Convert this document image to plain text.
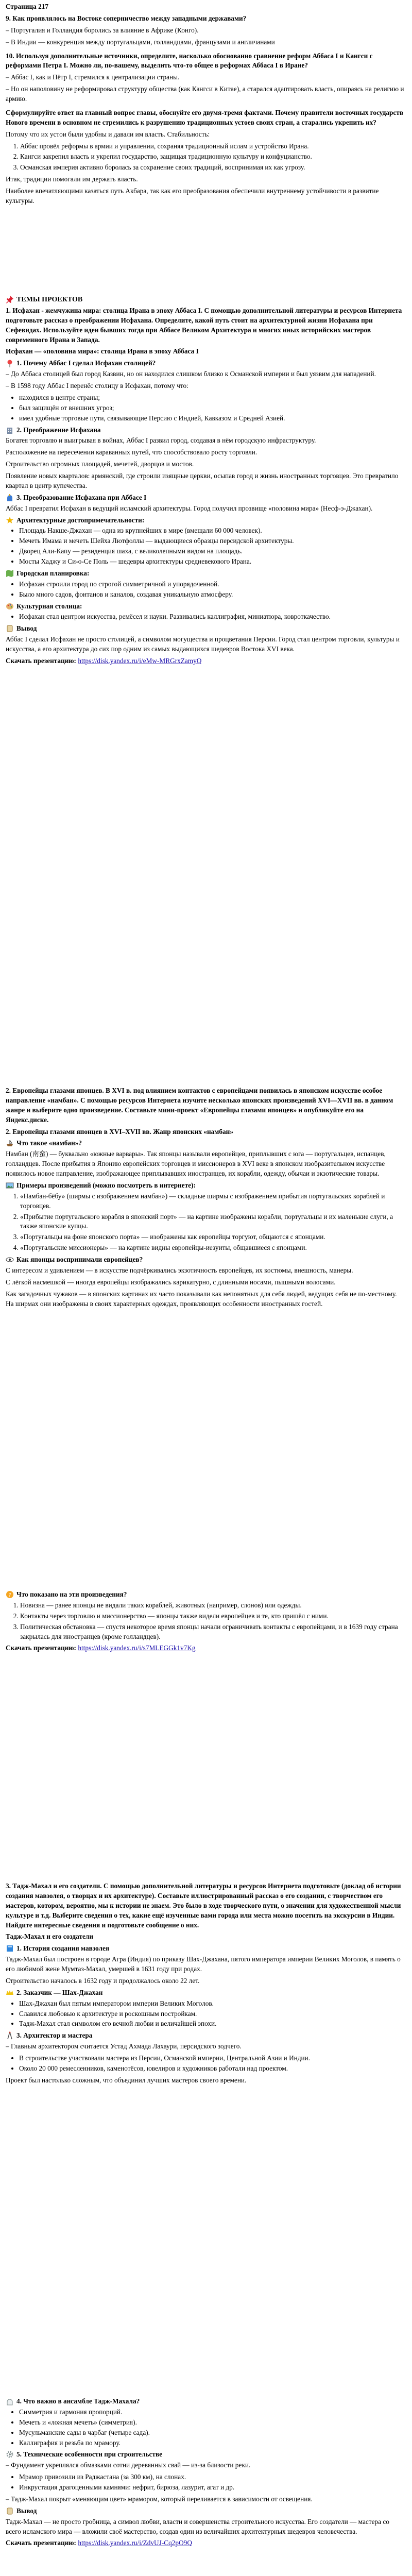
Страница 217

9. Как проявлялось на Востоке соперничество между западными державами?

– Португалия и Голландия боролись за влияние в Африке (Конго).

– В Индии — конкуренция между португальцами, голландцами, французами и англичанами

10. Используя дополнительные источники, определите, насколько обоснованно сравнение реформ Аббаса I и Кангси с реформами Петра I. Можно ли, по-вашему, выделить что-то общее в реформах Аббаса I в Иране?

– Аббас I, как и Пётр I, стремился к централизации страны.

– Но он наполовину не реформировал структуру общества (как Кангси в Китае), а старался адаптировать власть, опираясь на религию и армию.

Сформулируйте ответ на главный вопрос главы, обоснуйте его двумя-тремя фактами. Почему правители восточных государств Нового времени в основном не стремились к разрушению традиционных устоев своих стран, а старались укрепить их?

Потому что их устои были удобны и давали им власть. Стабильность:

1. Аббас провёл реформы в армии и управлении, сохраняя традиционный ислам и устройство Ирана.
2. Кангси закрепил власть и укрепил государство, защищая традиционную культуру и конфуцианство.
3. Османская империя активно боролась за сохранение своих традиций, воспринимая их как угрозу.

Итак, традиции помогали им держать власть.

Наиболее впечатляющими казаться путь Акбара, так как его преобразования обеспечили внутреннему устойчивости в развитие культуры.

ТЕМЫ ПРОЕКТОВ

1. Исфахан - жемчужина мира: столица Ирана в эпоху Аббаса I. С помощью дополнительной литературы и ресурсов Интернета подготовьте рассказ о преображении Исфахана. Определите, какой путь стоит на архитектурной жизни Исфахана при Сефевидах. Используйте идеи бывших тогда при Аббасе Великом Архитектура и многих иных историйских мастеров современного Ирана и Запада.

Исфахан — «половина мира»: столица Ирана в эпоху Аббаса I

1. Почему Аббас I сделал Исфахан столицей?

– До Аббаса столицей был город Казвин, но он находился слишком близко к Османской империи и был уязвим для нападений.

– В 1598 году Аббас I перенёс столицу в Исфахан, потому что:

• находился в центре страны;
• был защищён от внешних угроз;
• имел удобные торговые пути, связывающие Персию с Индией, Кавказом и Средней Азией.
2. Преображение Исфахана

Богатея торговлю и выигрывая в войнах, Аббас I развил город, создавая в нём городскую инфраструктуру.

Расположение на пересечении караванных путей, что способствовало росту торговли.

Строительство огромных площадей, мечетей, дворцов и мостов.

Появление новых кварталов: армянский, где строили изящные церкви, осыпав город и жизнь иностранных торговцев. Это превратило квартал в центр купечества.

3. Преобразование Исфахана при Аббасе I

Аббас I превратил Исфахан в ведущий исламский архитектуры. Город получил прозвище «половина мира» (Несф-э-Джахан).

Архитектурные достопримечательности:
• Площадь Накше-Джахан — одна из крупнейших в мире (вмещали 60 000 человек).
• Мечеть Имама и мечеть Шейха Лютфоллы — выдающиеся образцы персидской архитектуры.
• Дворец Али-Капу — резиденция шаха, с великолепными видом на площадь.
• Мосты Хаджу и Си-о-Се Поль — шедевры архитектуры средневекового Ирана.
Городская планировка:
• Исфахан строили город по строгой симметричной и упорядоченной.
• Было много садов, фонтанов и каналов, создавая уникальную атмосферу.
Культурная столица:
• Исфахан стал центром искусства, ремёсел и науки. Развивались каллиграфия, миниатюра, ковроткачество.
Вывод

Аббас I сделал Исфахан не просто столицей, а символом могущества и процветания Персии. Город стал центром торговли, культуры и искусства, а его архитектура до сих пор одним из самых выдающихся шедевров Востока XVI века.

Скачать презентацию: https://disk.yandex.ru/i/eMw-MRGrxZamyQ

2. Европейцы глазами японцев. В XVI в. под влиянием контактов с европейцами появилась в японском искусстве особое направление «намбан». С помощью ресурсов Интернета изучите несколько японских произведений XVI—XVII вв. в данном жанре и выберите одно произведение. Составьте мини-проект «Европейцы глазами японцев» и опубликуйте его на Яндекс.диске.

2. Европейцы глазами японцев в XVI–XVII вв. Жанр японских «намбан»

Что такое «намбан»?

Намбан (南蛮) — буквально «южные варвары». Так японцы называли европейцев, приплывших с юга — португальцев, испанцев, голландцев. После прибытия в Японию европейских торговцев и миссионеров в XVI веке в японском изобразительном искусстве появилось новое направление, изображающее приплывавших иностранцев, их корабли, одежду, обычаи и экзотические товары.

Примеры произведений (можно посмотреть в интернете):
1. «Намбан-бёбу» (ширмы с изображением намбан») — складные ширмы с изображением прибытия португальских кораблей и торговцев.
2. «Прибытие португальского корабля в японский порт» — на картине изображены корабли, португальцы и их маленькие слуги, а также японские купцы.
3. «Португальцы на фоне японского порта» — изображены как европейцы торгуют, общаются с японцами.
4. «Португальские миссионеры» — на картине видны европейцы-иезуиты, общавшиеся с японцами.
Как японцы воспринимали европейцев?

С интересом и удивлением — в искусстве подчёркивались экзотичность европейцев, их костюмы, внешность, манеры.

С лёгкой насмешкой — иногда европейцы изображались карикатурно, с длинными носами, пышными волосами.

Как загадочных чужаков — в японских картинах их часто показывали как непонятных для себя людей, ведущих себя не по-местному. На ширмах они изображены в своих характерных одеждах, проявляющих особенности иностранных гостей.

? Что показано на эти произведения?
1. Новизна — ранее японцы не видали таких кораблей, животных (например, слонов) или одежды.
2. Контакты через торговлю и миссионерство — японцы также видели европейцев и те, кто пришёл с ними.
3. Политическая обстановка — спустя некоторое время японцы начали ограничивать контакты с европейцами, и в 1639 году страна закрылась для иностранцев (кроме голландцев).

Скачать презентацию: https://disk.yandex.ru/i/s7MLEGGk1v7Kg

3. Тадж-Махал и его создатели. С помощью дополнительной литературы и ресурсов Интернета подготовьте (доклад об истории создания мавзолея, о творцах и их архитектуре). Составьте иллюстрированный рассказ о его создании, с творчеством его мастеров, котором, вероятно, мы к истории не знаем. Это было в ходе творческого пути, о значении для художественной мысли культуре и т.д. Выберите сведения о тех, какие ещё изученные вами города или места можно посетить на экскурсии в Индии. Найдите интересные сведения и подготовьте сообщение о них.

Тадж-Махал и его создатели

1. История создания мавзолея

Тадж-Махал был построен в городе Агра (Индия) по приказу Шах-Джахана, пятого императора империи Великих Моголов, в память о его любимой жене Мумтаз-Махал, умершей в 1631 году при родах.

Строительство началось в 1632 году и продолжалось около 22 лет.

2. Заказчик — Шах-Джахан
• Шах-Джахан был пятым императором империи Великих Моголов.
• Славился любовью к архитектуре и роскошным постройкам.
• Тадж-Махал стал символом его вечной любви и величайшей эпохи.
3. Архитектор и мастера

– Главным архитектором считается Устад Ахмада Лахаури, персидского зодчего.

• В строительстве участвовали мастера из Персии, Османской империи, Центральной Азии и Индии.
• Около 20 000 ремесленников, каменотёсов, ювелиров и художников работали над проектом.

Проект был настолько сложным, что объединил лучших мастеров своего времени.

4. Что важно в ансамбле Тадж-Махала?
• Симметрия и гармония пропорций.
• Мечеть и «ложная мечеть» (симметрия).
• Мусульманские сады в чарбаг (четыре сада).
• Каллиграфия и резьба по мрамору.
5. Технические особенности при строительстве

– Фундамент укреплялся обмазками сотни деревянных свай — из-за близости реки.

• Мрамор привозили из Раджастана (за 300 км), на слонах.
• Инкрустация драгоценными камнями: нефрит, бирюза, лазурит, агат и др.

– Тадж-Махал покрыт «меняющим цвет» мрамором, который переливается в зависимости от освещения.

Вывод

Тадж-Махал — не просто гробница, а символ любви, власти и совершенства строительного искусства. Его создатели — мастера со всего исламского мира — вложили своё мастерство, создав один из величайших архитектурных шедевров человечества.

Скачать презентацию: https://disk.yandex.ru/i/ZdvUJ-Cq2pO9Q
